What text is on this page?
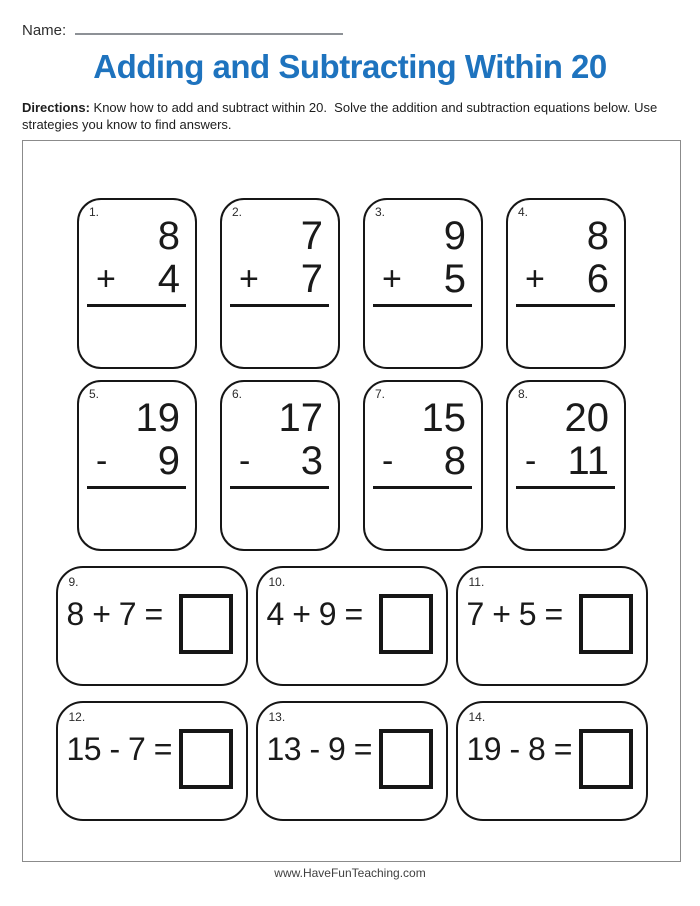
Name:
Adding and Subtracting Within 20
Directions: Know how to add and subtract within 20.  Solve the addition and subtraction equations below. Use strategies you know to find answers.
1.
8
+ 4
2.
7
+ 7
3.
9
+ 5
4.
8
+ 6
5.
19
- 9
6.
17
- 3
7.
15
- 8
8.
20
- 11
9.
8 + 7 =
10.
4 + 9 =
11.
7 + 5 =
12.
15 - 7 =
13.
13 - 9 =
14.
19 - 8 =
www.HaveFunTeaching.com
